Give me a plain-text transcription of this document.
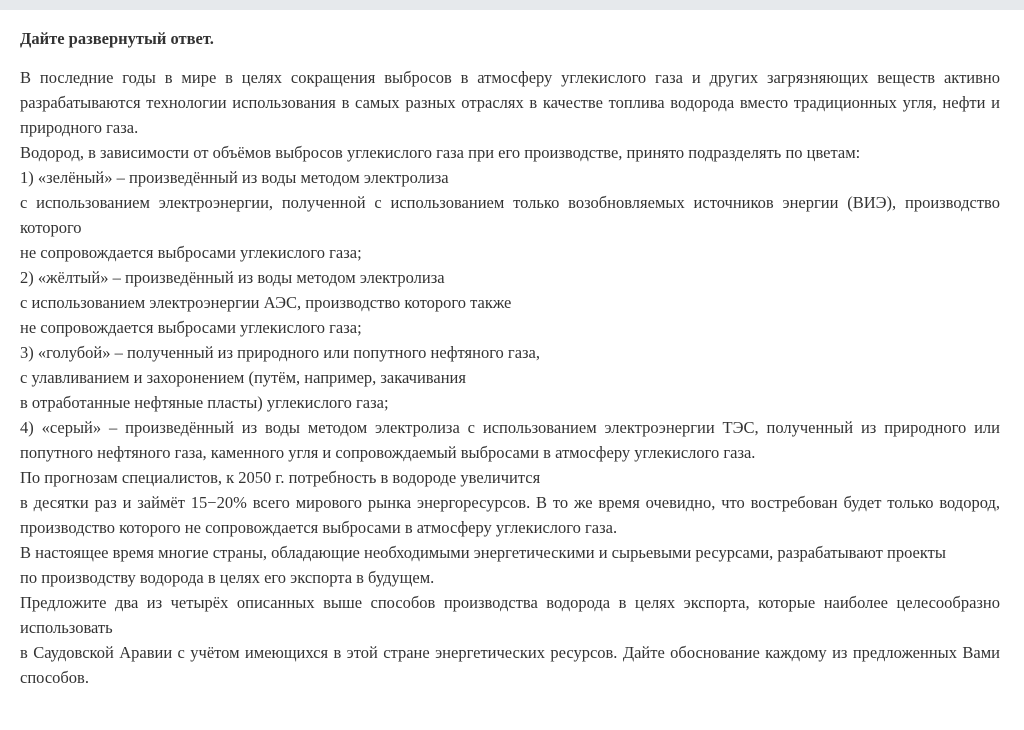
Дайте развернутый ответ.
В последние годы в мире в целях сокращения выбросов в атмосферу углекислого газа и других загрязняющих веществ активно разрабатываются технологии использования в самых разных отраслях в качестве топлива водорода вместо традиционных угля, нефти и природного газа.
Водород, в зависимости от объёмов выбросов углекислого газа при его производстве, принято подразделять по цветам:
1) «зелёный» – произведённый из воды методом электролиза
с использованием электроэнергии, полученной с использованием только возобновляемых источников энергии (ВИЭ), производство которого
не сопровождается выбросами углекислого газа;
2) «жёлтый» – произведённый из воды методом электролиза
с использованием электроэнергии АЭС, производство которого также
не сопровождается выбросами углекислого газа;
3) «голубой» – полученный из природного или попутного нефтяного газа,
с улавливанием и захоронением (путём, например, закачивания
в отработанные нефтяные пласты) углекислого газа;
4) «серый» – произведённый из воды методом электролиза с использованием электроэнергии ТЭС, полученный из природного или попутного нефтяного газа, каменного угля и сопровождаемый выбросами в атмосферу углекислого газа.
По прогнозам специалистов, к 2050 г. потребность в водороде увеличится
в десятки раз и займёт 15−20% всего мирового рынка энергоресурсов. В то же время очевидно, что востребован будет только водород, производство которого не сопровождается выбросами в атмосферу углекислого газа.
В настоящее время многие страны, обладающие необходимыми энергетическими и сырьевыми ресурсами, разрабатывают проекты
по производству водорода в целях его экспорта в будущем.
Предложите два из четырёх описанных выше способов производства водорода в целях экспорта, которые наиболее целесообразно использовать
в Саудовской Аравии с учётом имеющихся в этой стране энергетических ресурсов. Дайте обоснование каждому из предложенных Вами способов.
